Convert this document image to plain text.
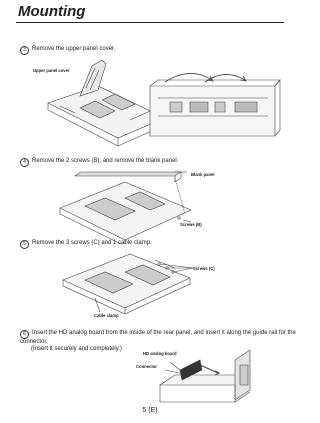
Mounting
3 Remove the upper panel cover.
Upper panel cover
4 Remove the 2 screws (B), and remove the blank panel.
Blank panel
Screws (B)
5 Remove the 3 screws (C) and 1 cable clamp.
Screws (C)
Cable clamp
6 Insert the HD analog board from the inside of the rear panel, and insert it along the guide rail for the connector.
(Insert it securely and completely.)
HD analog board
Connector
5 (E)
